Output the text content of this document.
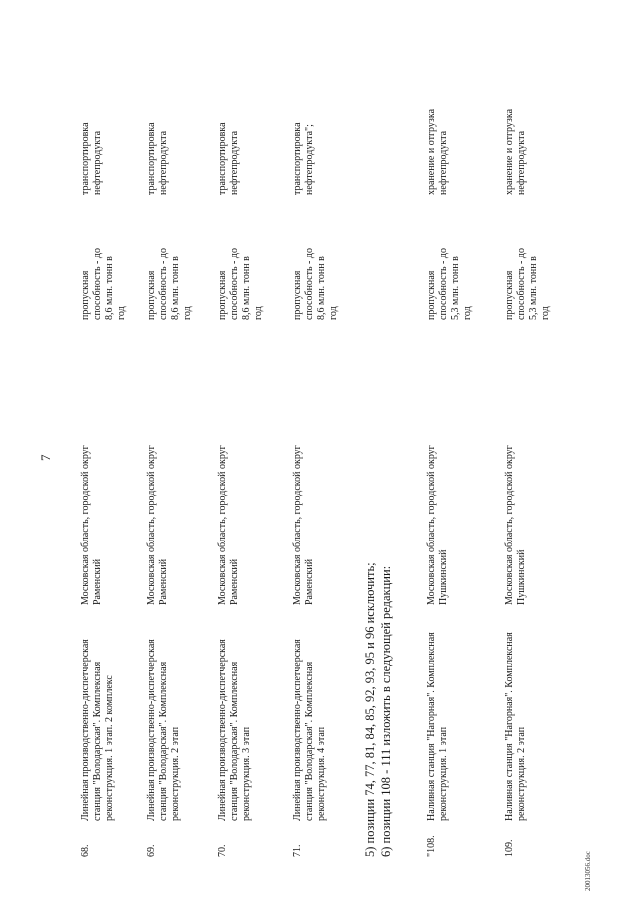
7
68.
Линейная производственно-диспетчерская
станция "Володарская". Комплексная
реконструкция. 1 этап. 2 комплекс
Московская область, городской округ
Раменский
пропускная
способность - до
8,6 млн. тонн в
год
транспортировка
нефтепродукта
69.
Линейная производственно-диспетчерская
станция "Володарская". Комплексная
реконструкция. 2 этап
Московская область, городской округ
Раменский
пропускная
способность - до
8,6 млн. тонн в
год
транспортировка
нефтепродукта
70.
Линейная производственно-диспетчерская
станция "Володарская". Комплексная
реконструкция. 3 этап
Московская область, городской округ
Раменский
пропускная
способность - до
8,6 млн. тонн в
год
транспортировка
нефтепродукта
71.
Линейная производственно-диспетчерская
станция "Володарская". Комплексная
реконструкция. 4 этап
Московская область, городской округ
Раменский
пропускная
способность - до
8,6 млн. тонн в
год
транспортировка
нефтепродукта";
5) позиции 74, 77, 81, 84, 85, 92, 93, 95 и 96 исключить; 6) позиции 108 - 111 изложить в следующей редакции:	"108.
Наливная станция "Нагорная". Комплексная
реконструкция. 1 этап
Московская область, городской округ
Пушкинский
пропускная
способность - до
5,3 млн. тонн в
год
хранение и отгрузка
нефтепродукта
109.
Наливная станция "Нагорная". Комплексная
реконструкция. 2 этап
Московская область, городской округ
Пушкинский
пропускная
способность - до
5,3 млн. тонн в
год
хранение и отгрузка
нефтепродукта
20013056.doc
